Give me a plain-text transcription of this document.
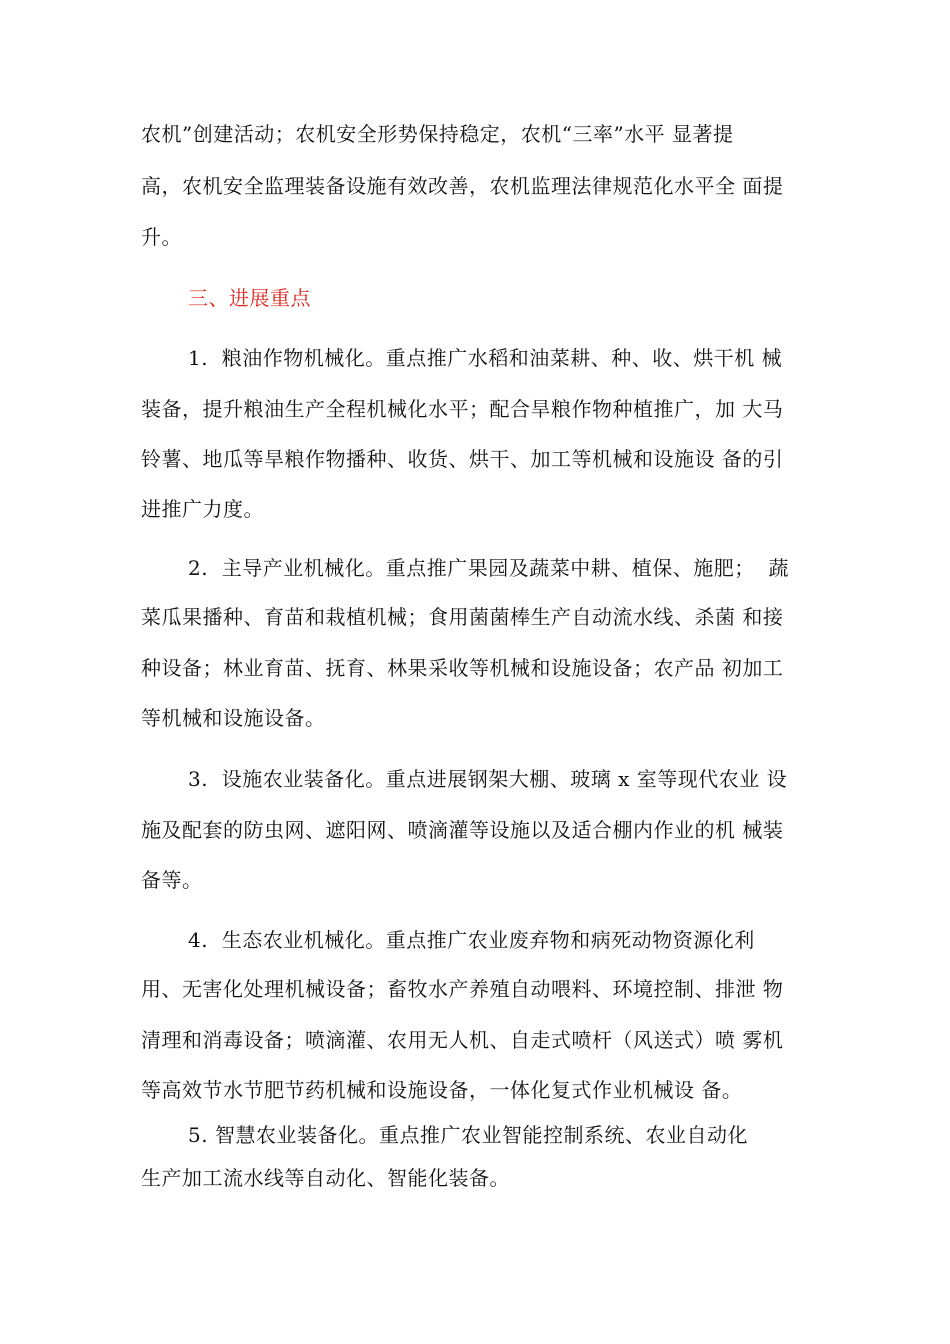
农机”创建活动；农机安全形势保持稳定，农机“三率”水平 显著提
高，农机安全监理装备设施有效改善，农机监理法律规范化水平全 面提
升。
三、进展重点
1.  粮油作物机械化。重点推广水稻和油菜耕、种、收、烘干机 械
装备，提升粮油生产全程机械化水平；配合旱粮作物种植推广，加 大马
铃薯、地瓜等旱粮作物播种、收货、烘干、加工等机械和设施设 备的引
进推广力度。
2.  主导产业机械化。重点推广果园及蔬菜中耕、植保、施肥；  蔬
菜瓜果播种、育苗和栽植机械；食用菌菌棒生产自动流水线、杀菌 和接
种设备；林业育苗、抚育、林果采收等机械和设施设备；农产品 初加工
等机械和设施设备。
3.  设施农业装备化。重点进展钢架大棚、玻璃 x 室等现代农业 设
施及配套的防虫网、遮阳网、喷滴灌等设施以及适合棚内作业的机 械装
备等。
4.  生态农业机械化。重点推广农业废弃物和病死动物资源化利
用、无害化处理机械设备；畜牧水产养殖自动喂料、环境控制、排泄 物
清理和消毒设备；喷滴灌、农用无人机、自走式喷杆（风送式）喷 雾机
等高效节水节肥节药机械和设施设备，一体化复式作业机械设 备。
5. 智慧农业装备化。重点推广农业智能控制系统、农业自动化
生产加工流水线等自动化、智能化装备。
